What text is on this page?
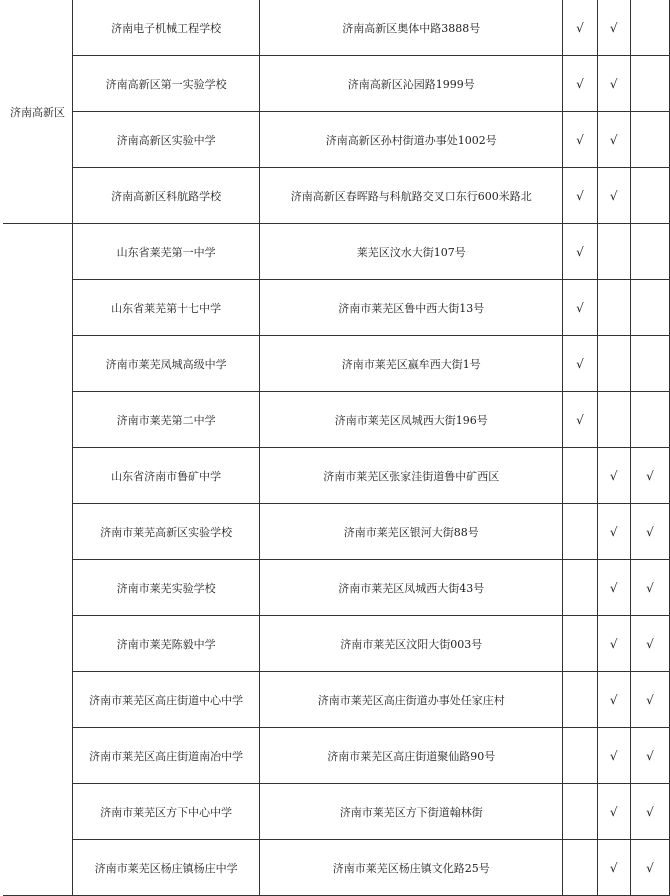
济南高新区	济南电子机械工程学校	济南高新区奥体中路3888号	√	√	
	济南高新区第一实验学校	济南高新区沁园路1999号	√	√	
	济南高新区实验中学	济南高新区孙村街道办事处1002号	√	√	
	济南高新区科航路学校	济南高新区春晖路与科航路交叉口东行600米路北	√	√	
	山东省莱芜第一中学	莱芜区汶水大街107号	√		
	山东省莱芜第十七中学	济南市莱芜区鲁中西大街13号	√		
	济南市莱芜凤城高级中学	济南市莱芜区嬴牟西大街1号	√		
	济南市莱芜第二中学	济南市莱芜区凤城西大街196号	√		
	山东省济南市鲁矿中学	济南市莱芜区张家洼街道鲁中矿西区		√	√
	济南市莱芜高新区实验学校	济南市莱芜区银河大街88号		√	√
	济南市莱芜实验学校	济南市莱芜区凤城西大街43号		√	√
	济南市莱芜陈毅中学	济南市莱芜区汶阳大街003号		√	√
	济南市莱芜区高庄街道中心中学	济南市莱芜区高庄街道办事处任家庄村		√	√
	济南市莱芜区高庄街道南冶中学	济南市莱芜区高庄街道聚仙路90号		√	√
	济南市莱芜区方下中心中学	济南市莱芜区方下街道翰林街		√	√
	济南市莱芜区杨庄镇杨庄中学	济南市莱芜区杨庄镇文化路25号		√	√
